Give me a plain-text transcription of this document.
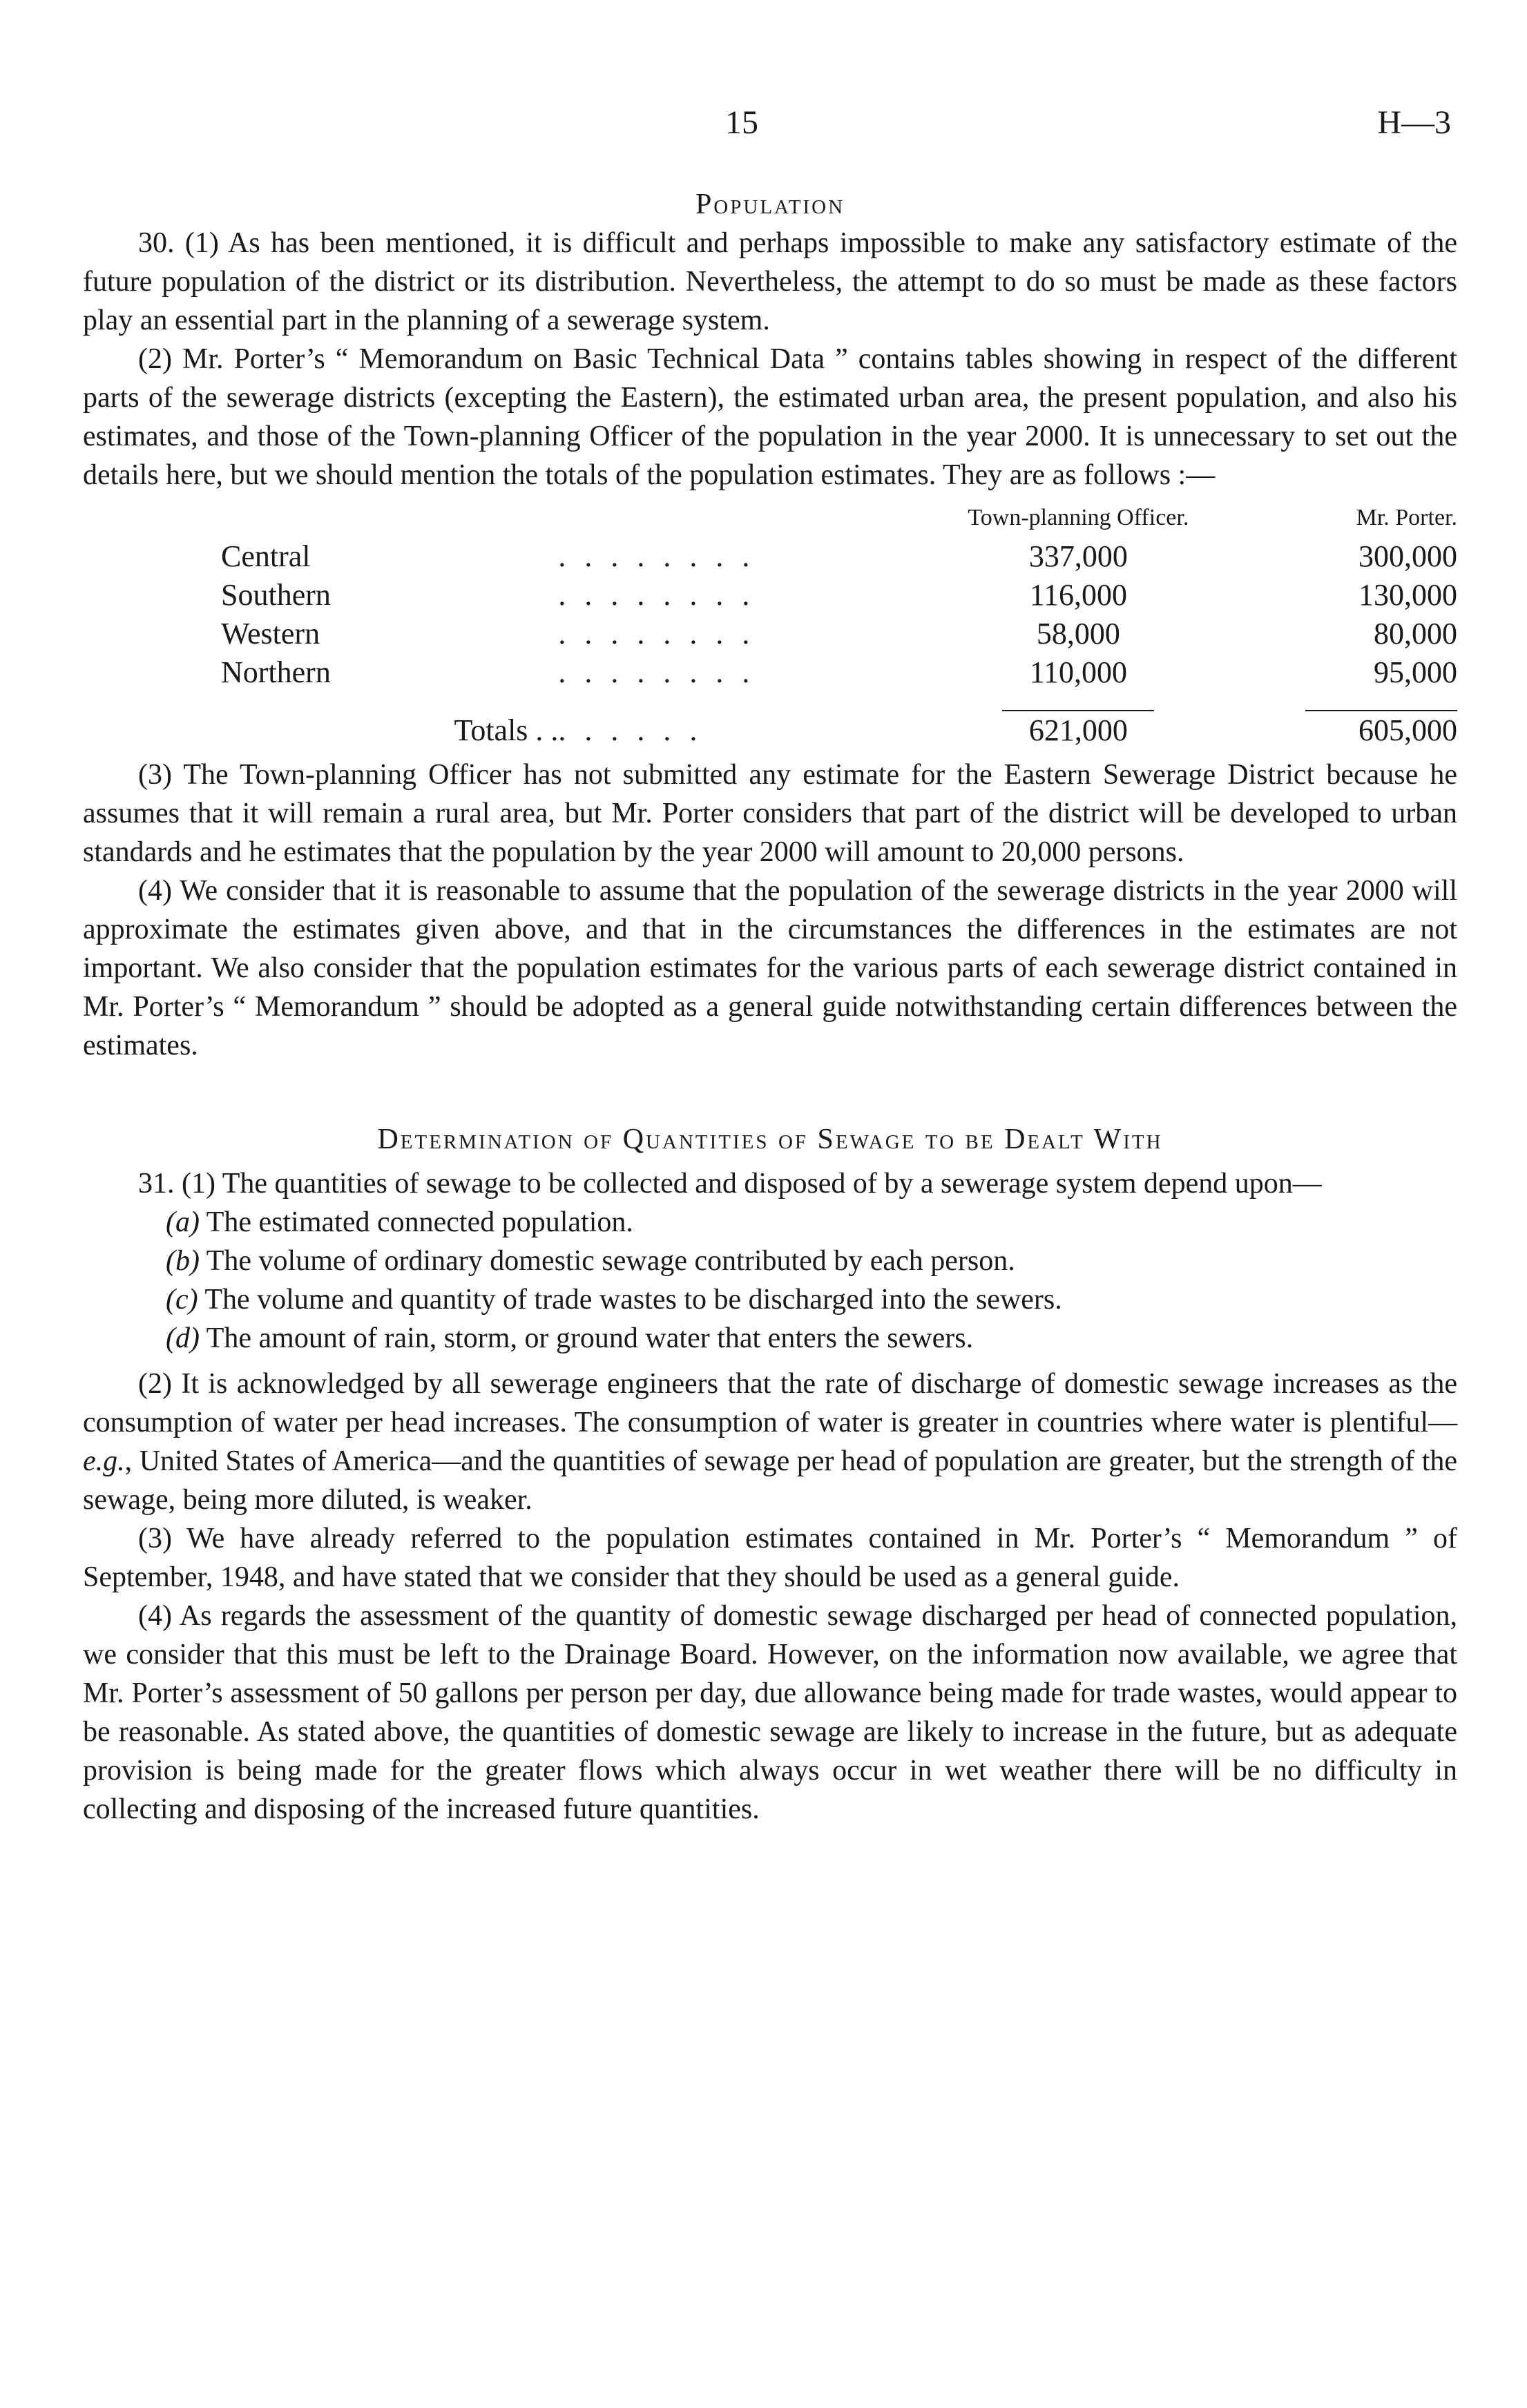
15	H—3
Population

30. (1) As has been mentioned, it is difficult and perhaps impossible to make any satisfactory estimate of the future population of the district or its distribution. Nevertheless, the attempt to do so must be made as these factors play an essential part in the planning of a sewerage system.

(2) Mr. Porter’s “ Memorandum on Basic Technical Data ” contains tables showing in respect of the different parts of the sewerage districts (excepting the Eastern), the estimated urban area, the present population, and also his estimates, and those of the Town-planning Officer of the population in the year 2000. It is unnecessary to set out the details here, but we should mention the totals of the population estimates. They are as follows :—

		Town-planning Officer.	Mr. Porter.
Central	. . . . . . . .	337,000	300,000
Southern	. . . . . . . .	116,000	130,000
Western	. . . . . . . .	58,000	80,000
Northern	. . . . . . . .	110,000	95,000

Totals . .	. . . . . .	621,000	605,000

(3) The Town-planning Officer has not submitted any estimate for the Eastern Sewerage District because he assumes that it will remain a rural area, but Mr. Porter considers that part of the district will be developed to urban standards and he estimates that the population by the year 2000 will amount to 20,000 persons.

(4) We consider that it is reasonable to assume that the population of the sewerage districts in the year 2000 will approximate the estimates given above, and that in the circumstances the differences in the estimates are not important. We also consider that the population estimates for the various parts of each sewerage district contained in Mr. Porter’s “ Memorandum ” should be adopted as a general guide notwithstanding certain differences between the estimates.

Determination of Quantities of Sewage to be Dealt With

31. (1) The quantities of sewage to be collected and disposed of by a sewerage system depend upon—

(a) The estimated connected population.
(b) The volume of ordinary domestic sewage contributed by each person.
(c) The volume and quantity of trade wastes to be discharged into the sewers.
(d) The amount of rain, storm, or ground water that enters the sewers.

(2) It is acknowledged by all sewerage engineers that the rate of discharge of domestic sewage increases as the consumption of water per head increases. The consumption of water is greater in countries where water is plentiful—e.g., United States of America—and the quantities of sewage per head of population are greater, but the strength of the sewage, being more diluted, is weaker.

(3) We have already referred to the population estimates contained in Mr. Porter’s “ Memorandum ” of September, 1948, and have stated that we consider that they should be used as a general guide.

(4) As regards the assessment of the quantity of domestic sewage discharged per head of connected population, we consider that this must be left to the Drainage Board. However, on the information now available, we agree that Mr. Porter’s assessment of 50 gallons per person per day, due allowance being made for trade wastes, would appear to be reasonable. As stated above, the quantities of domestic sewage are likely to increase in the future, but as adequate provision is being made for the greater flows which always occur in wet weather there will be no difficulty in collecting and disposing of the increased future quantities.
